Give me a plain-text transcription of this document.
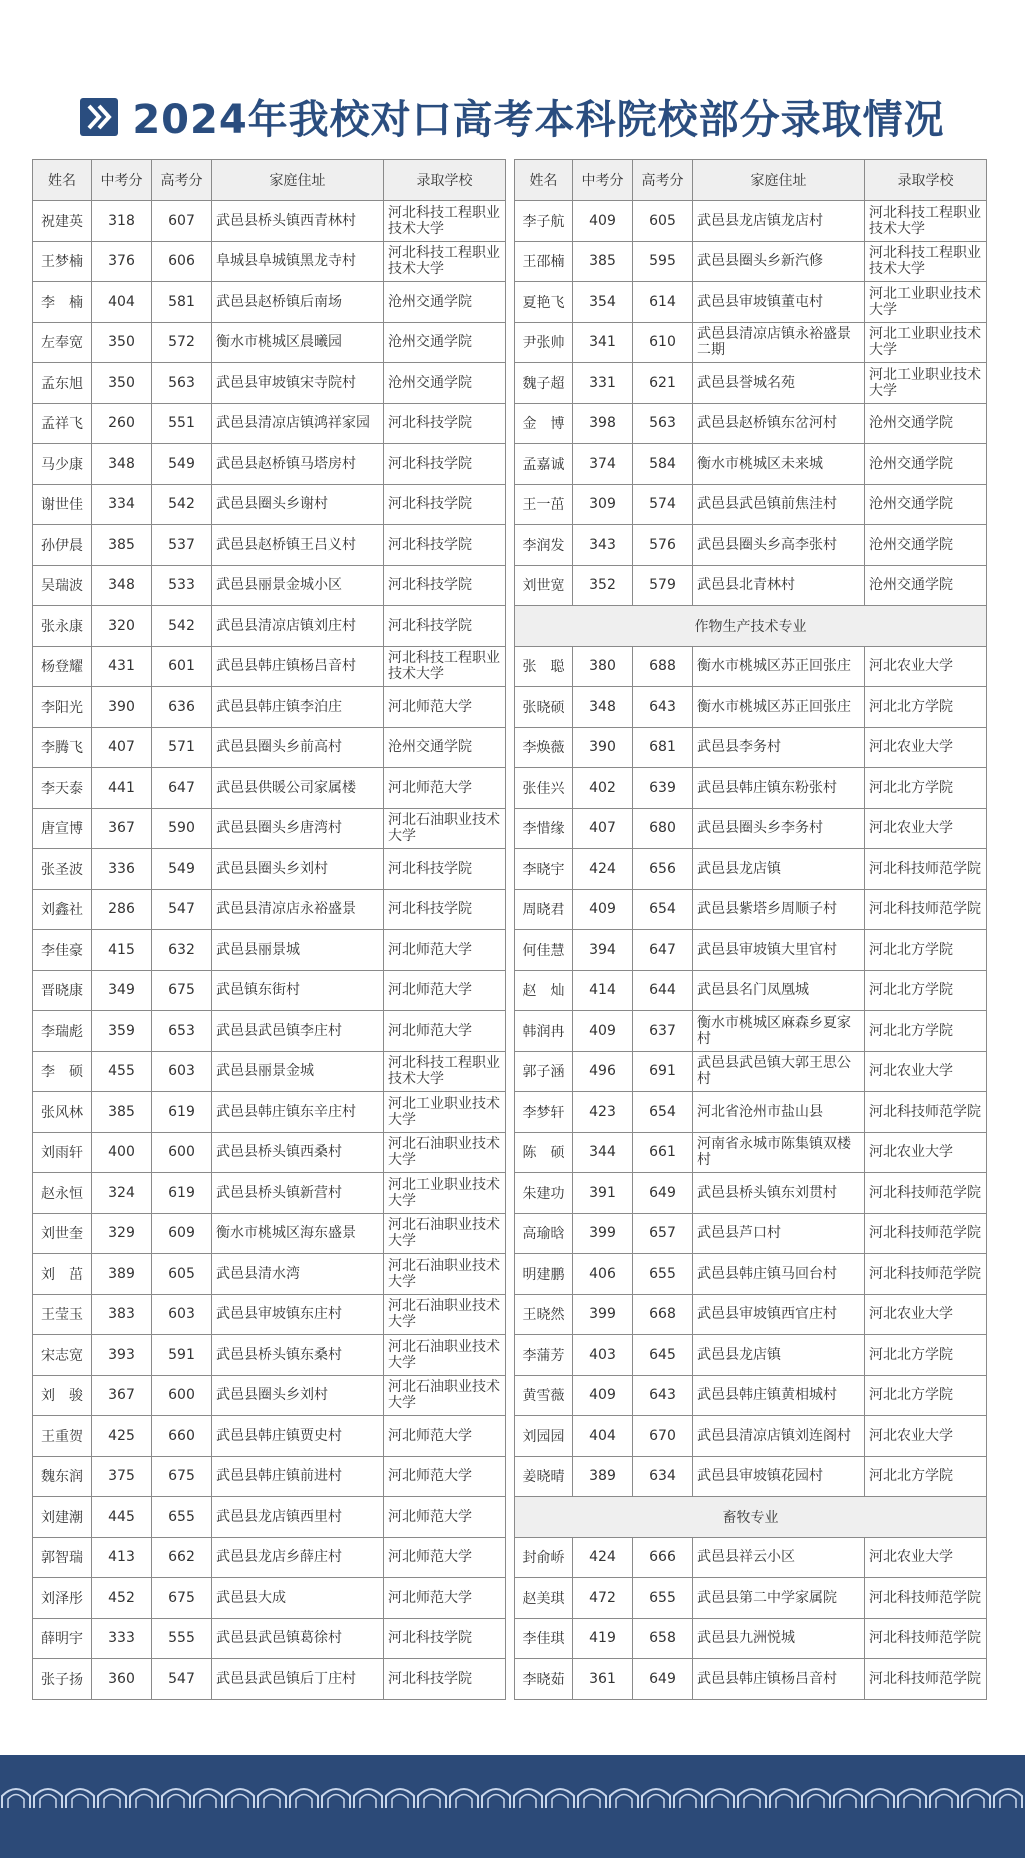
2024年我校对口高考本科院校部分录取情况
姓名	中考分	高考分	家庭住址	录取学校
祝建英	318	607	武邑县桥头镇西青林村	河北科技工程职业技术大学
王梦楠	376	606	阜城县阜城镇黑龙寺村	河北科技工程职业技术大学
李　楠	404	581	武邑县赵桥镇后南场	沧州交通学院
左奉宽	350	572	衡水市桃城区晨曦园	沧州交通学院
孟东旭	350	563	武邑县审坡镇宋寺院村	沧州交通学院
孟祥飞	260	551	武邑县清凉店镇鸿祥家园	河北科技学院
马少康	348	549	武邑县赵桥镇马塔房村	河北科技学院
谢世佳	334	542	武邑县圈头乡谢村	河北科技学院
孙伊晨	385	537	武邑县赵桥镇王吕义村	河北科技学院
吴瑞波	348	533	武邑县丽景金城小区	河北科技学院
张永康	320	542	武邑县清凉店镇刘庄村	河北科技学院
杨登耀	431	601	武邑县韩庄镇杨吕音村	河北科技工程职业技术大学
李阳光	390	636	武邑县韩庄镇李泊庄	河北师范大学
李腾飞	407	571	武邑县圈头乡前高村	沧州交通学院
李天泰	441	647	武邑县供暖公司家属楼	河北师范大学
唐宣博	367	590	武邑县圈头乡唐湾村	河北石油职业技术大学
张圣波	336	549	武邑县圈头乡刘村	河北科技学院
刘鑫社	286	547	武邑县清凉店永裕盛景	河北科技学院
李佳豪	415	632	武邑县丽景城	河北师范大学
晋晓康	349	675	武邑镇东街村	河北师范大学
李瑞彪	359	653	武邑县武邑镇李庄村	河北师范大学
李　硕	455	603	武邑县丽景金城	河北科技工程职业技术大学
张风林	385	619	武邑县韩庄镇东辛庄村	河北工业职业技术大学
刘雨轩	400	600	武邑县桥头镇西桑村	河北石油职业技术大学
赵永恒	324	619	武邑县桥头镇新营村	河北工业职业技术大学
刘世奎	329	609	衡水市桃城区海东盛景	河北石油职业技术大学
刘　茁	389	605	武邑县清水湾	河北石油职业技术大学
王莹玉	383	603	武邑县审坡镇东庄村	河北石油职业技术大学
宋志宽	393	591	武邑县桥头镇东桑村	河北石油职业技术大学
刘　骏	367	600	武邑县圈头乡刘村	河北石油职业技术大学
王重贺	425	660	武邑县韩庄镇贾史村	河北师范大学
魏东润	375	675	武邑县韩庄镇前进村	河北师范大学
刘建潮	445	655	武邑县龙店镇西里村	河北师范大学
郭智瑞	413	662	武邑县龙店乡薛庄村	河北师范大学
刘泽彤	452	675	武邑县大成	河北师范大学
薛明宇	333	555	武邑县武邑镇葛徐村	河北科技学院
张子扬	360	547	武邑县武邑镇后丁庄村	河北科技学院
姓名	中考分	高考分	家庭住址	录取学校
李子航	409	605	武邑县龙店镇龙店村	河北科技工程职业技术大学
王邵楠	385	595	武邑县圈头乡新汽修	河北科技工程职业技术大学
夏艳飞	354	614	武邑县审坡镇董屯村	河北工业职业技术大学
尹张帅	341	610	武邑县清凉店镇永裕盛景二期	河北工业职业技术大学
魏子超	331	621	武邑县誉城名苑	河北工业职业技术大学
金　博	398	563	武邑县赵桥镇东岔河村	沧州交通学院
孟嘉诚	374	584	衡水市桃城区未来城	沧州交通学院
王一茁	309	574	武邑县武邑镇前焦洼村	沧州交通学院
李润发	343	576	武邑县圈头乡高李张村	沧州交通学院
刘世宽	352	579	武邑县北青林村	沧州交通学院
作物生产技术专业				
张　聪	380	688	衡水市桃城区苏正回张庄	河北农业大学
张晓硕	348	643	衡水市桃城区苏正回张庄	河北北方学院
李焕薇	390	681	武邑县李务村	河北农业大学
张佳兴	402	639	武邑县韩庄镇东粉张村	河北北方学院
李惜缘	407	680	武邑县圈头乡李务村	河北农业大学
李晓宇	424	656	武邑县龙店镇	河北科技师范学院
周晓君	409	654	武邑县紫塔乡周顺子村	河北科技师范学院
何佳慧	394	647	武邑县审坡镇大里官村	河北北方学院
赵　灿	414	644	武邑县名门凤凰城	河北北方学院
韩润冉	409	637	衡水市桃城区麻森乡夏家村	河北北方学院
郭子涵	496	691	武邑县武邑镇大郭王思公村	河北农业大学
李梦轩	423	654	河北省沧州市盐山县	河北科技师范学院
陈　硕	344	661	河南省永城市陈集镇双楼村	河北农业大学
朱建功	391	649	武邑县桥头镇东刘贯村	河北科技师范学院
高瑜晗	399	657	武邑县芦口村	河北科技师范学院
明建鹏	406	655	武邑县韩庄镇马回台村	河北科技师范学院
王晓然	399	668	武邑县审坡镇西官庄村	河北农业大学
李蒲芳	403	645	武邑县龙店镇	河北北方学院
黄雪薇	409	643	武邑县韩庄镇黄相城村	河北北方学院
刘园园	404	670	武邑县清凉店镇刘连阁村	河北农业大学
姜晓晴	389	634	武邑县审坡镇花园村	河北北方学院
畜牧专业				
封俞峤	424	666	武邑县祥云小区	河北农业大学
赵美琪	472	655	武邑县第二中学家属院	河北科技师范学院
李佳琪	419	658	武邑县九洲悦城	河北科技师范学院
李晓茹	361	649	武邑县韩庄镇杨吕音村	河北科技师范学院
